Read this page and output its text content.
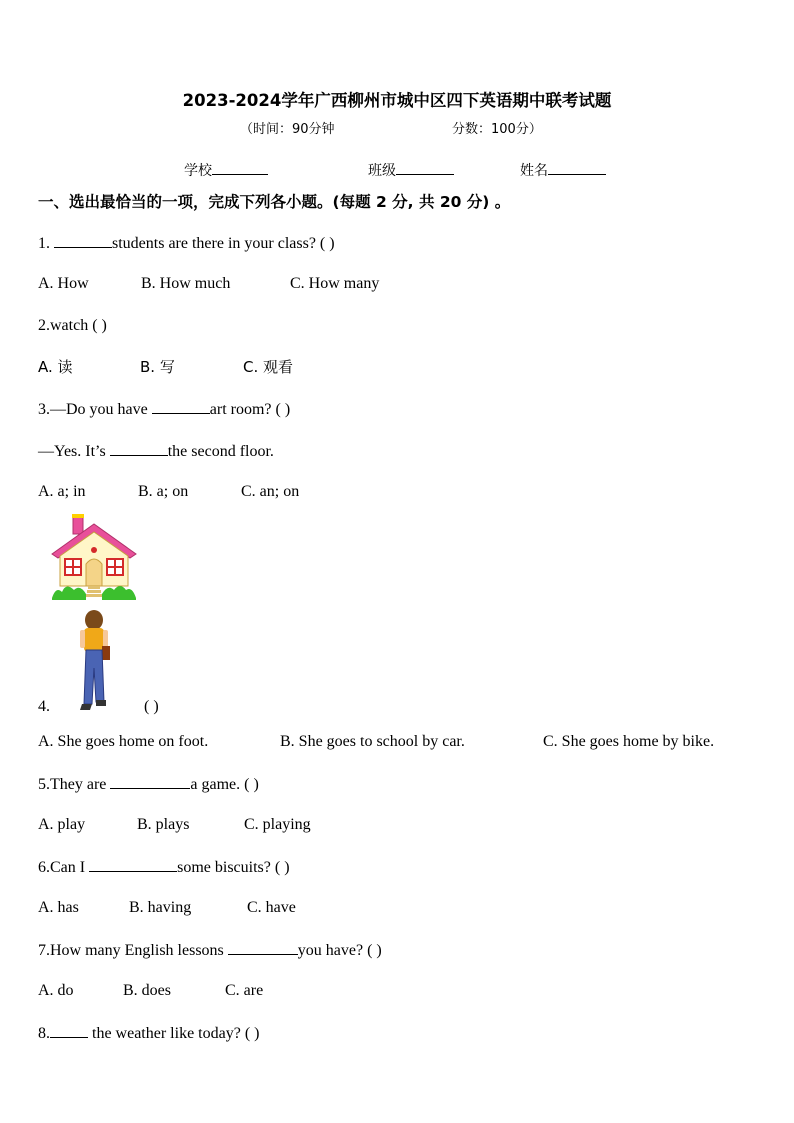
2023-2024学年广西柳州市城中区四下英语期中联考试题
（时间：90分钟	分数：100分）
学校	班级	姓名
一、选出最恰当的一项，完成下列各小题。(每题 2 分, 共 20 分) 。
1.	students are there in your class? ( )
A. How	B. How much	C. How many
2.watch ( )
A. 读	B. 写	C. 观看
3.—Do you have	art room? ( )
—Yes. It’s	the second floor.
A. a; in	B. a; on	C. an; on
4.	( )
A. She goes home on foot.	B. She goes to school by car.	C. She goes home by bike.
5.They are	a game. ( )
A. play	B. plays	C. playing
6.Can I	some biscuits? ( )
A. has	B. having	C. have
7.How many English lessons	you have? ( )
A. do	B. does	C. are
8. the weather like today? ( )
